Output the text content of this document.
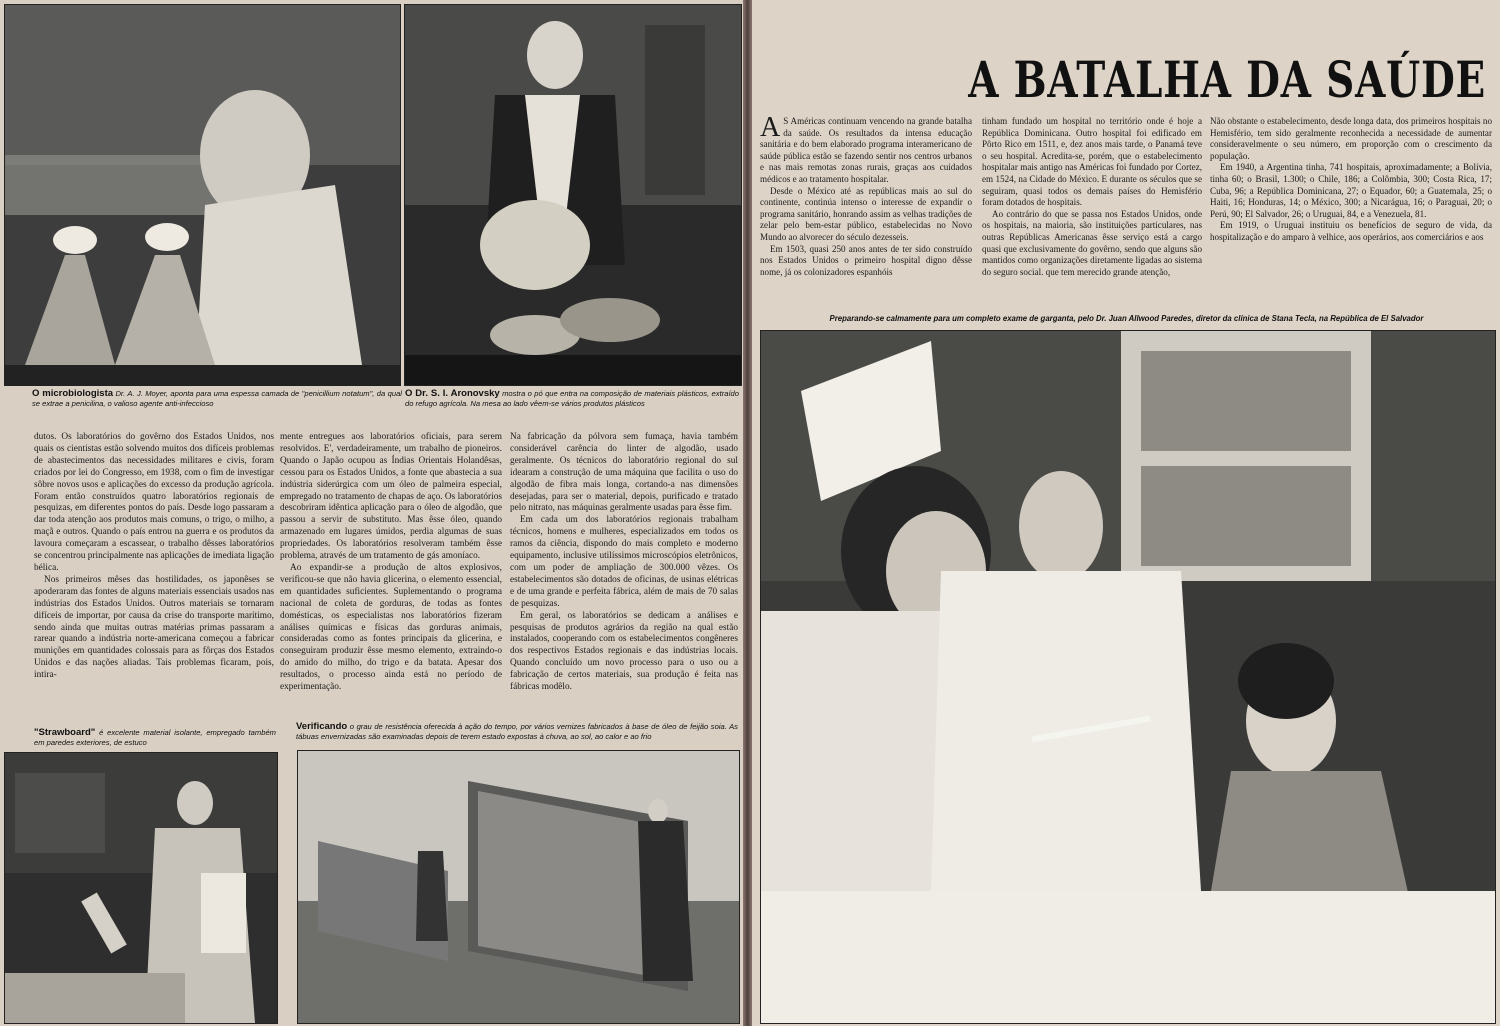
O microbiologista Dr. A. J. Moyer, aponta para uma espessa camada de "penicillium notatum", da qual se extrae a penicilina, o valioso agente anti-infeccioso
O Dr. S. I. Aronovsky mostra o pó que entra na composição de materiais plásticos, extraído do refugo agrícola. Na mesa ao lado vêem-se vários produtos plásticos

dutos. Os laboratórios do govêrno dos Estados Unidos, nos quais os cientistas estão solvendo muitos dos difíceis problemas de abastecimentos das necessidades militares e civis, foram criados por lei do Congresso, em 1938, com o fim de investigar sôbre novos usos e aplicações do excesso da produção agrícola. Foram então construídos quatro laboratórios regionais de pesquizas, em diferentes pontos do país. Desde logo passaram a dar toda atenção aos produtos mais comuns, o trigo, o milho, a maçã e outros. Quando o país entrou na guerra e os produtos da lavoura começaram a escassear, o trabalho dêsses laboratórios se concentrou principalmente nas aplicações de imediata ligação bélica.

Nos primeiros mêses das hostilidades, os japonêses se apoderaram das fontes de alguns materiais essenciais usados nas indústrias dos Estados Unidos. Outros materiais se tornaram difíceis de importar, por causa da crise do transporte marítimo, sendo ainda que muitas outras matérias primas passaram a rarear quando a indústria norte-americana começou a fabricar munições em quantidades colossais para as fôrças dos Estados Unidos e das nações aliadas. Tais problemas ficaram, pois, intira-

mente entregues aos laboratórios oficiais, para serem resolvidos. E', verdadeiramente, um trabalho de pioneiros. Quando o Japão ocupou as Índias Orientais Holandêsas, cessou para os Estados Unidos, a fonte que abastecia a sua indústria siderúrgica com um óleo de palmeira especial, empregado no tratamento de chapas de aço. Os laboratórios descobriram idêntica aplicação para o óleo de algodão, que passou a servir de substituto. Mas êsse óleo, quando armazenado em lugares úmidos, perdia algumas de suas propriedades. Os laboratórios resolveram também êsse problema, através de um tratamento de gás amoníaco.

Ao expandir-se a produção de altos explosivos, verificou-se que não havia glicerina, o elemento essencial, em quantidades suficientes. Suplementando o programa nacional de coleta de gorduras, de todas as fontes domésticas, os especialistas nos laboratórios fizeram análises químicas e físicas das gorduras animais, consideradas como as fontes principais da glicerina, e conseguiram produzir êsse mesmo elemento, extraindo-o do amido do milho, do trigo e da batata. Apesar dos resultados, o processo ainda está no período de experimentação.

Na fabricação da pólvora sem fumaça, havia também considerável carência do linter de algodão, usado geralmente. Os técnicos do laboratório regional do sul idearam a construção de uma máquina que facilita o uso do algodão de fibra mais longa, cortando-a nas dimensões desejadas, para ser o material, depois, purificado e tratado pelo nitrato, nas máquinas geralmente usadas para êsse fim.

Em cada um dos laboratórios regionais trabalham técnicos, homens e mulheres, especializados em todos os ramos da ciência, dispondo do mais completo e moderno equipamento, inclusive utilíssimos microscópios eletrônicos, com um poder de ampliação de 300.000 vêzes. Os estabelecimentos são dotados de oficinas, de usinas elétricas e de uma grande e perfeita fábrica, além de mais de 70 salas de pesquizas.

Em geral, os laboratórios se dedicam a análises e pesquisas de produtos agrários da região na qual estão instalados, cooperando com os estabelecimentos congêneres dos respectivos Estados regionais e das indústrias locais. Quando concluído um novo processo para o uso ou a fabricação de certos materiais, sua produção é feita nas fábricas modêlo.

"Strawboard" é excelente material isolante, empregado também em paredes exteriores, de estuco
Verificando o grau de resistência oferecida à ação do tempo, por vários vernizes fabricados à base de óleo de feijão soia. As tábuas envernizadas são examinadas depois de terem estado expostas à chuva, ao sol, ao calor e ao frio
A BATALHA DA SAÚDE

A S Américas continuam vencendo na grande batalha da saúde. Os resultados da intensa educação sanitária e do bem elaborado programa interamericano de saúde pública estão se fazendo sentir nos centros urbanos e nas mais remotas zonas rurais, graças aos cuidados médicos e ao tratamento hospitalar.

Desde o México até as repúblicas mais ao sul do continente, continúa intenso o interesse de expandir o programa sanitário, honrando assim as velhas tradições de zelar pelo bem-estar público, estabelecidas no Novo Mundo ao alvorecer do século dezesseis.

Em 1503, quasi 250 anos antes de ter sido construído nos Estados Unidos o primeiro hospital digno dêsse nome, já os colonizadores espanhóis

tinham fundado um hospital no território onde é hoje a República Dominicana. Outro hospital foi edificado em Pôrto Rico em 1511, e, dez anos mais tarde, o Panamá teve o seu hospital. Acredita-se, porém, que o estabelecimento hospitalar mais antigo nas Américas foi fundado por Cortez, em 1524, na Cidade do México. E durante os séculos que se seguiram, quasi todos os demais países do Hemisfério foram dotados de hospitais.

Ao contrário do que se passa nos Estados Unidos, onde os hospitais, na maioria, são instituições particulares, nas outras Repúblicas Americanas êsse serviço está a cargo quasi que exclusivamente do govêrno, sendo que alguns são mantidos como organizações diretamente ligadas ao sistema do seguro social. que tem merecido grande atenção,

Não obstante o estabelecimento, desde longa data, dos primeiros hospitais no Hemisfério, tem sido geralmente reconhecida a necessidade de aumentar consideravelmente o seu número, em proporção com o crescimento da população.

Em 1940, a Argentina tinha, 741 hospitais, aproximadamente; a Bolívia, tinha 60; o Brasil, 1.300; o Chile, 186; a Colômbia, 300; Costa Rica, 17; Cuba, 96; a República Dominicana, 27; o Equador, 60; a Guatemala, 25; o Haiti, 16; Honduras, 14; o México, 300; a Nicarágua, 16; o Paraguai, 20; o Perú, 90; El Salvador, 26; o Uruguai, 84, e a Venezuela, 81.

Em 1919, o Uruguai instituiu os benefícios de seguro de vida, da hospitalização e do amparo à velhice, aos operários, aos comerciários e aos

Preparando-se calmamente para um completo exame de garganta, pelo Dr. Juan Allwood Paredes, diretor da clínica de Stana Tecla, na República de El Salvador
